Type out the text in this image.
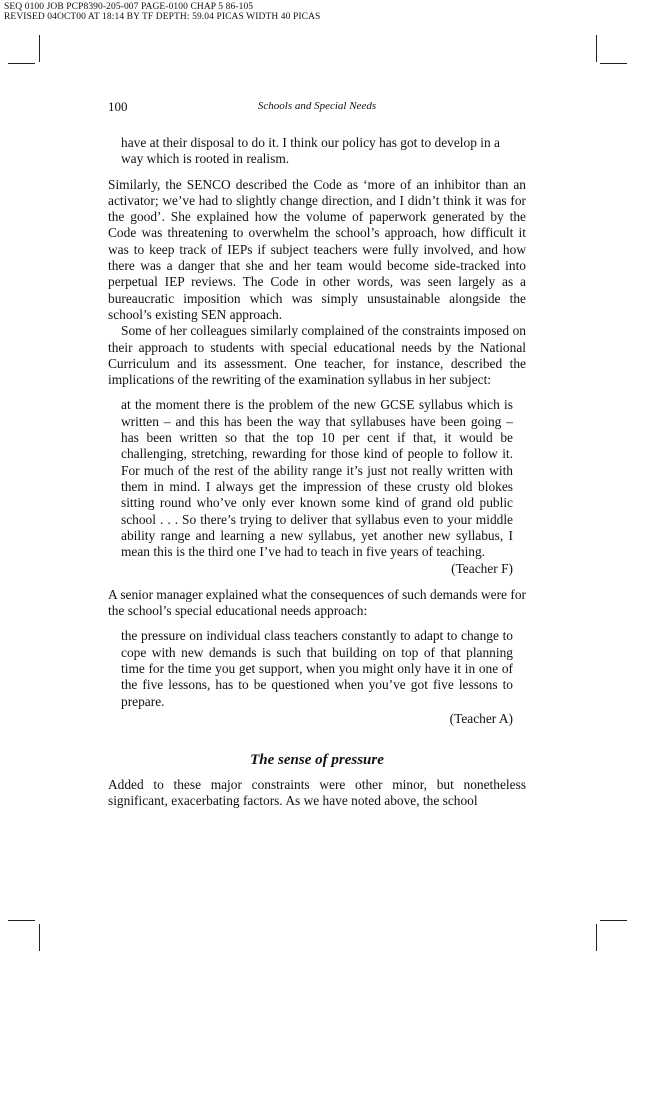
SEQ 0100 JOB PCP8390-205-007 PAGE-0100 CHAP 5 86-105
REVISED 04OCT00 AT 18:14 BY TF DEPTH: 59.04 PICAS WIDTH 40 PICAS
100	Schools and Special Needs

have at their disposal to do it. I think our policy has got to develop in a way which is rooted in realism.

Similarly, the SENCO described the Code as ‘more of an inhibitor than an activator; we’ve had to slightly change direction, and I didn’t think it was for the good’. She explained how the volume of paperwork generated by the Code was threatening to overwhelm the school’s approach, how difficult it was to keep track of IEPs if subject teachers were fully involved, and how there was a danger that she and her team would become side-tracked into perpetual IEP reviews. The Code in other words, was seen largely as a bureaucratic imposition which was simply unsustainable alongside the school’s existing SEN approach.

Some of her colleagues similarly complained of the constraints imposed on their approach to students with special educational needs by the National Curriculum and its assessment. One teacher, for instance, described the implications of the rewriting of the examination syllabus in her subject:

at the moment there is the problem of the new GCSE syllabus which is written – and this has been the way that syllabuses have been going – has been written so that the top 10 per cent if that, it would be challenging, stretching, rewarding for those kind of people to follow it. For much of the rest of the ability range it’s just not really written with them in mind. I always get the impression of these crusty old blokes sitting round who’ve only ever known some kind of grand old public school . . . So there’s trying to deliver that syllabus even to your middle ability range and learning a new syllabus, yet another new syllabus, I mean this is the third one I’ve had to teach in five years of teaching.

(Teacher F)

A senior manager explained what the consequences of such demands were for the school’s special educational needs approach:

the pressure on individual class teachers constantly to adapt to change to cope with new demands is such that building on top of that planning time for the time you get support, when you might only have it in one of the five lessons, has to be questioned when you’ve got five lessons to prepare.

(Teacher A)
The sense of pressure

Added to these major constraints were other minor, but nonetheless significant, exacerbating factors. As we have noted above, the school
